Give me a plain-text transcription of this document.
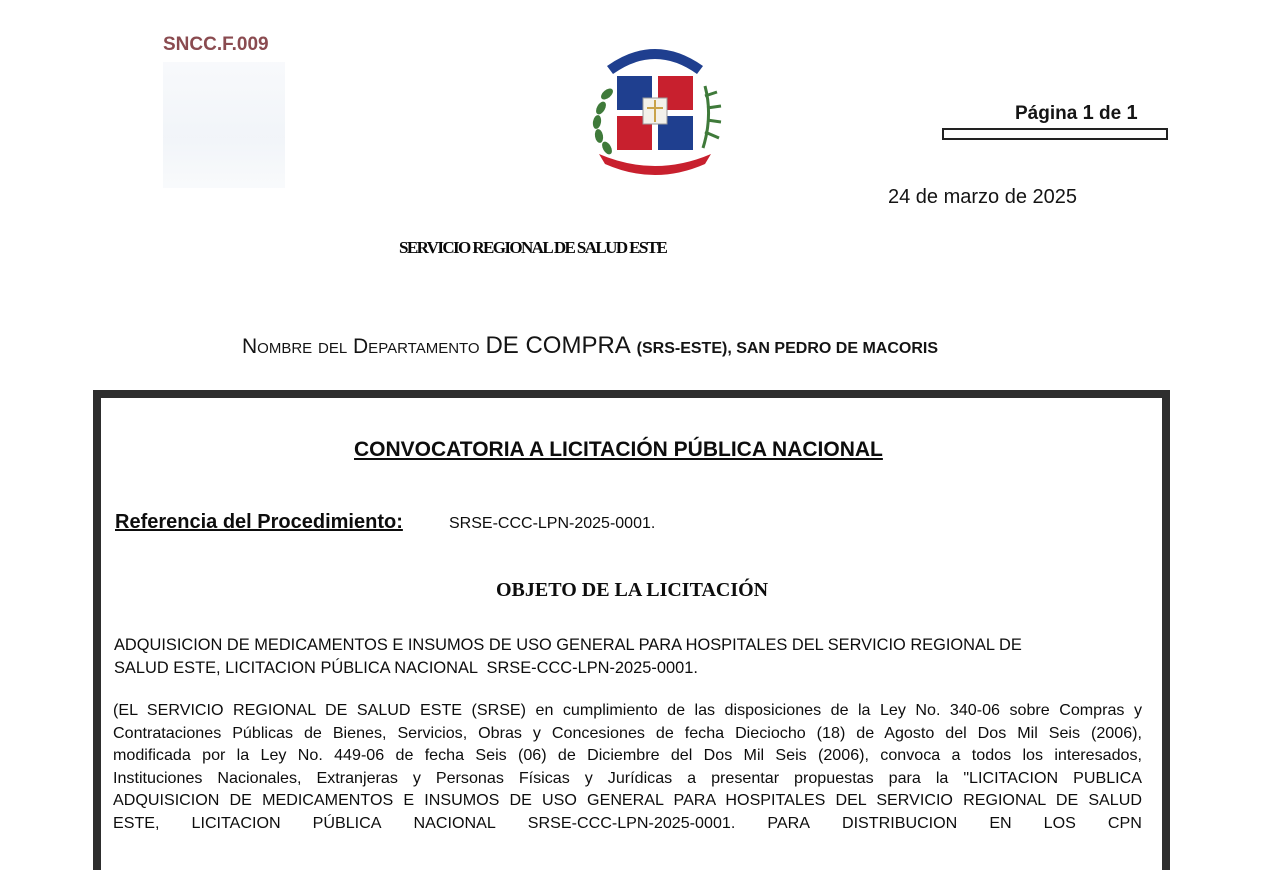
SNCC.F.009
Página 1 de 1
24 de marzo de 2025
SERVICIO REGIONAL DE SALUD ESTE
Nombre del Departamento DE COMPRA (SRS-ESTE), SAN PEDRO DE MACORIS
CONVOCATORIA A LICITACIÓN PÚBLICA NACIONAL
Referencia del Procedimiento:	SRSE-CCC-LPN-2025-0001.
OBJETO DE LA LICITACIÓN
ADQUISICION DE MEDICAMENTOS E INSUMOS DE USO GENERAL PARA HOSPITALES DEL SERVICIO REGIONAL DE
SALUD ESTE, LICITACION PÚBLICA NACIONAL  SRSE-CCC-LPN-2025-0001.
(EL SERVICIO REGIONAL DE SALUD ESTE (SRSE) en cumplimiento de las disposiciones de la Ley No. 340-06 sobre Compras y
Contrataciones Públicas de Bienes, Servicios, Obras y Concesiones de fecha Dieciocho (18) de Agosto del Dos Mil Seis (2006),
modificada por la Ley No. 449-06 de fecha Seis (06) de Diciembre del Dos Mil Seis (2006), convoca a todos los interesados,
Instituciones Nacionales, Extranjeras y Personas Físicas y Jurídicas a presentar propuestas para la "LICITACION PUBLICA
ADQUISICION DE MEDICAMENTOS E INSUMOS DE USO GENERAL PARA HOSPITALES DEL SERVICIO REGIONAL DE SALUD
ESTE, LICITACION PÚBLICA NACIONAL SRSE-CCC-LPN-2025-0001. PARA DISTRIBUCION EN LOS CPN
